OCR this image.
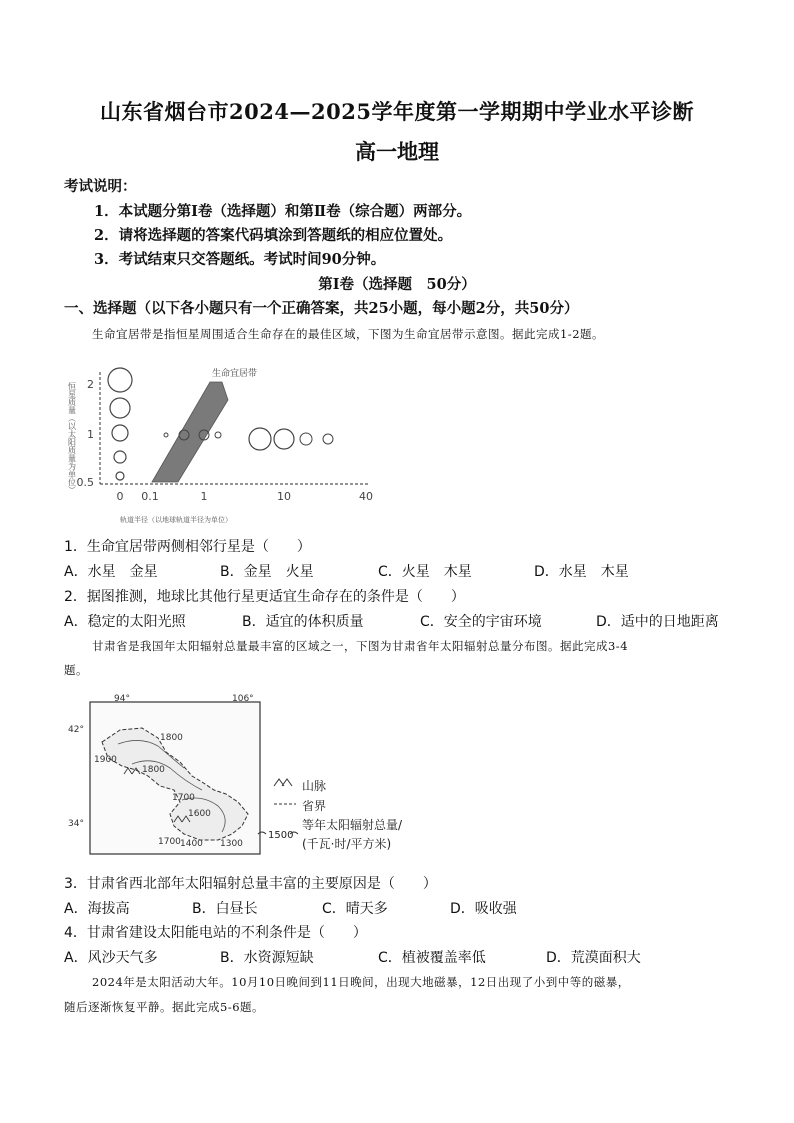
山东省烟台市2024—2025学年度第一学期期中学业水平诊断
高一地理
考试说明：
1．本试题分第Ⅰ卷（选择题）和第Ⅱ卷（综合题）两部分。
2．请将选择题的答案代码填涂到答题纸的相应位置处。
3．考试结束只交答题纸。考试时间90分钟。
第Ⅰ卷（选择题　50分）
一、选择题（以下各小题只有一个正确答案，共25小题，每小题2分，共50分）
生命宜居带是指恒星周围适合生命存在的最佳区域，下图为生命宜居带示意图。据此完成1-2题。
2
1
0.5
恒星质量（以太阳质量为单位）
0 0.1	1	10	40
轨道半径（以地球轨道半径为单位）
生命宜居带
1．生命宜居带两侧相邻行星是（　　）
A．水星　金星	B．金星　火星	C．火星　木星	D．水星　木星
2．据图推测，地球比其他行星更适宜生命存在的条件是（　　）
A．稳定的太阳光照	B．适宜的体积质量	C．安全的宇宙环境	D．适中的日地距离
甘肃省是我国年太阳辐射总量最丰富的区域之一，下图为甘肃省年太阳辐射总量分布图。据此完成3-4
题。
94°	106°
42°
34°
1800
1900
1800
1700
1600
1700 1400 1300
山脉
省界
等年太阳辐射总量/
1500
(千瓦·时/平方米)
3．甘肃省西北部年太阳辐射总量丰富的主要原因是（　　）
A．海拔高	B．白昼长	C．晴天多	D．吸收强
4．甘肃省建设太阳能电站的不利条件是（　　）
A．风沙天气多	B．水资源短缺	C．植被覆盖率低	D．荒漠面积大
2024年是太阳活动大年。10月10日晚间到11日晚间，出现大地磁暴，12日出现了小到中等的磁暴，
随后逐渐恢复平静。据此完成5-6题。
